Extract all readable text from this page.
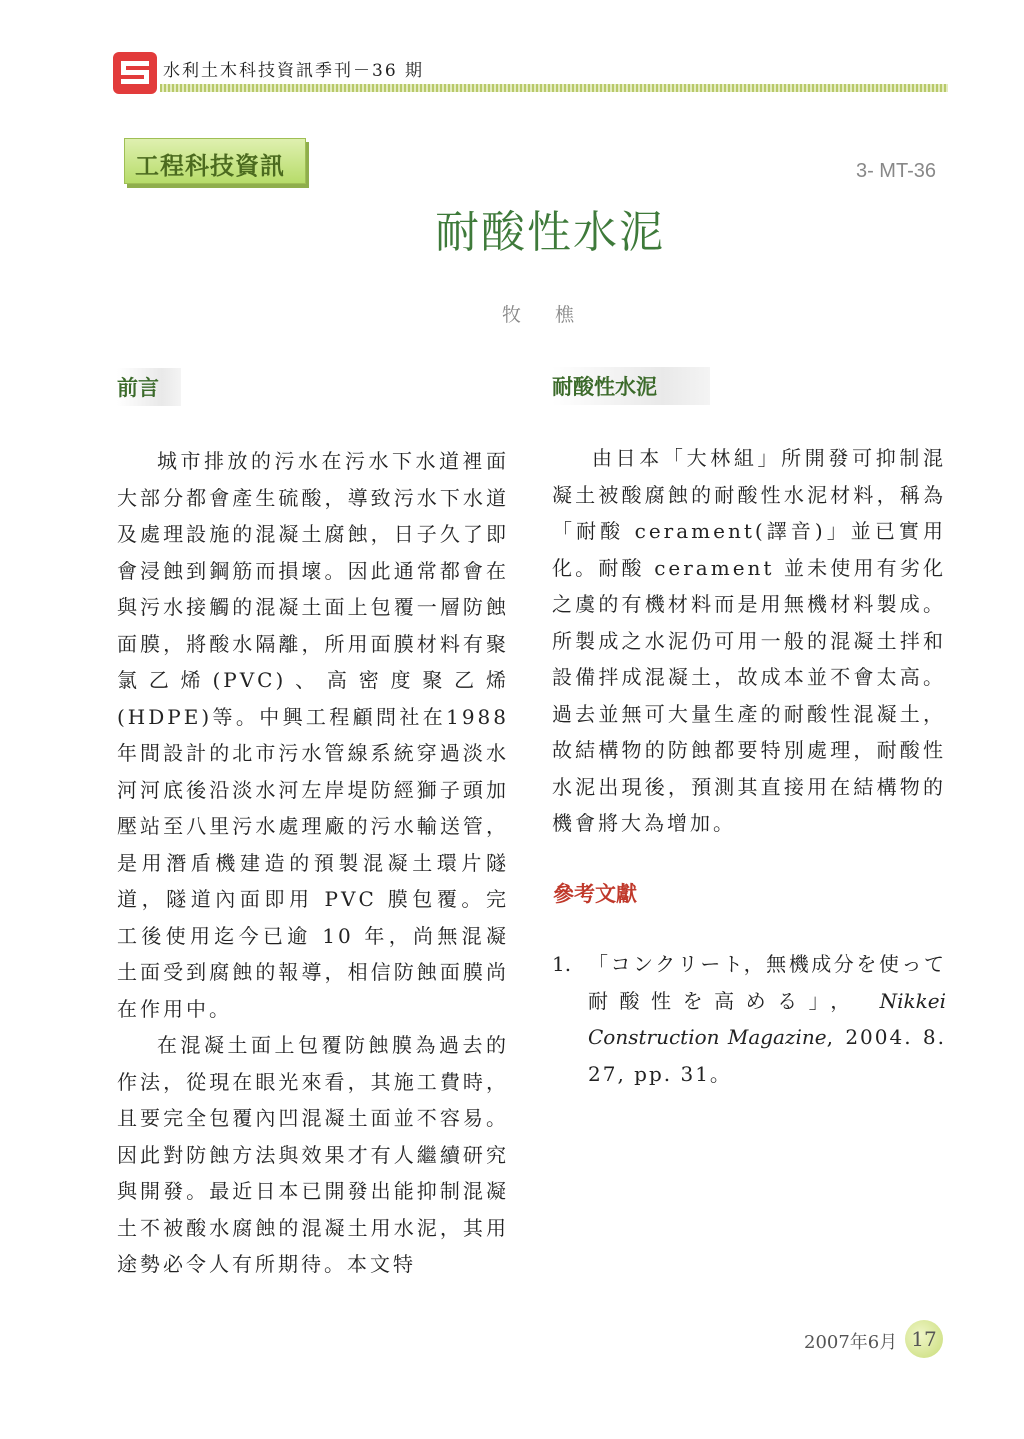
水利土木科技資訊季刊－36 期
工程科技資訊	3- MT-36
耐酸性水泥
牧 樵
前言

城市排放的污水在污水下水道裡面大部分都會產生硫酸，導致污水下水道及處理設施的混凝土腐蝕，日子久了即會浸蝕到鋼筋而損壞。因此通常都會在與污水接觸的混凝土面上包覆一層防蝕面膜，將酸水隔離，所用面膜材料有聚氯乙烯(PVC)、高密度聚乙烯(HDPE)等。中興工程顧問社在1988年間設計的北市污水管線系統穿過淡水河河底後沿淡水河左岸堤防經獅子頭加壓站至八里污水處理廠的污水輸送管，是用潛盾機建造的預製混凝土環片隧道，隧道內面即用 PVC 膜包覆。完工後使用迄今已逾 10 年，尚無混凝土面受到腐蝕的報導，相信防蝕面膜尚在作用中。

在混凝土面上包覆防蝕膜為過去的作法，從現在眼光來看，其施工費時，且要完全包覆內凹混凝土面並不容易。因此對防蝕方法與效果才有人繼續研究與開發。最近日本已開發出能抑制混凝土不被酸水腐蝕的混凝土用水泥，其用途勢必令人有所期待。本文特

耐酸性水泥

由日本「大林組」所開發可抑制混凝土被酸腐蝕的耐酸性水泥材料，稱為「耐酸 cerament(譯音)」並已實用化。耐酸 cerament 並未使用有劣化之虞的有機材料而是用無機材料製成。所製成之水泥仍可用一般的混凝土拌和設備拌成混凝土，故成本並不會太高。過去並無可大量生產的耐酸性混凝土，故結構物的防蝕都要特別處理，耐酸性水泥出現後，預測其直接用在結構物的機會將大為增加。

參考文獻
1. 「コンクリート，無機成分を使って耐酸性を高める」， Nikkei Construction Magazine, 2004. 8. 27, pp. 31。
2007年6月 17
